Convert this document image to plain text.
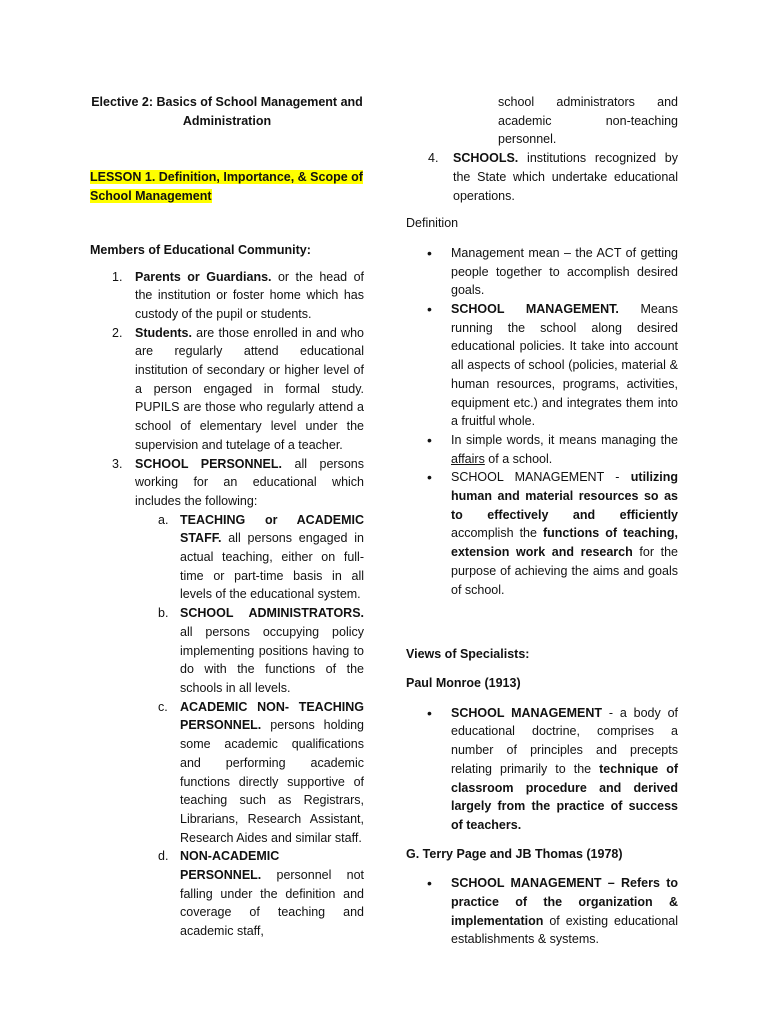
Elective 2: Basics of School Management and
Administration
LESSON 1. Definition, Importance, & Scope of School Management
Members of Educational Community:
1. Parents or Guardians. or the head of the institution or foster home which has custody of the pupil or students.
2. Students. are those enrolled in and who are regularly attend educational institution of secondary or higher level of a person engaged in formal study. PUPILS are those who regularly attend a school of elementary level under the supervision and tutelage of a teacher.
3. SCHOOL PERSONNEL. all persons working for an educational which includes the following:
a. TEACHING or ACADEMIC STAFF. all persons engaged in actual teaching, either on full-time or part-time basis in all levels of the educational system.
b. SCHOOL ADMINISTRATORS. all persons occupying policy implementing positions having to do with the functions of the schools in all levels.
c. ACADEMIC NON- TEACHING PERSONNEL. persons holding some academic qualifications and performing academic functions directly supportive of teaching such as Registrars, Librarians, Research Assistant, Research Aides and similar staff.
d. NON-ACADEMIC PERSONNEL. personnel not falling under the definition and coverage of teaching and academic staff,
school administrators and academic non-teaching personnel.
4. SCHOOLS. institutions recognized by the State which undertake educational operations.
Definition
• Management mean – the ACT of getting people together to accomplish desired goals.
• SCHOOL MANAGEMENT. Means running the school along desired educational policies. It take into account all aspects of school (policies, material & human resources, programs, activities, equipment etc.) and integrates them into a fruitful whole.
• In simple words, it means managing the affairs of a school.
• SCHOOL MANAGEMENT - utilizing human and material resources so as to effectively and efficiently accomplish the functions of teaching, extension work and research for the purpose of achieving the aims and goals of school.
Views of Specialists:
Paul Monroe (1913)
• SCHOOL MANAGEMENT - a body of educational doctrine, comprises a number of principles and precepts relating primarily to the technique of classroom procedure and derived largely from the practice of success of teachers.
G. Terry Page and JB Thomas (1978)
• SCHOOL MANAGEMENT – Refers to practice of the organization & implementation of existing educational establishments & systems.
